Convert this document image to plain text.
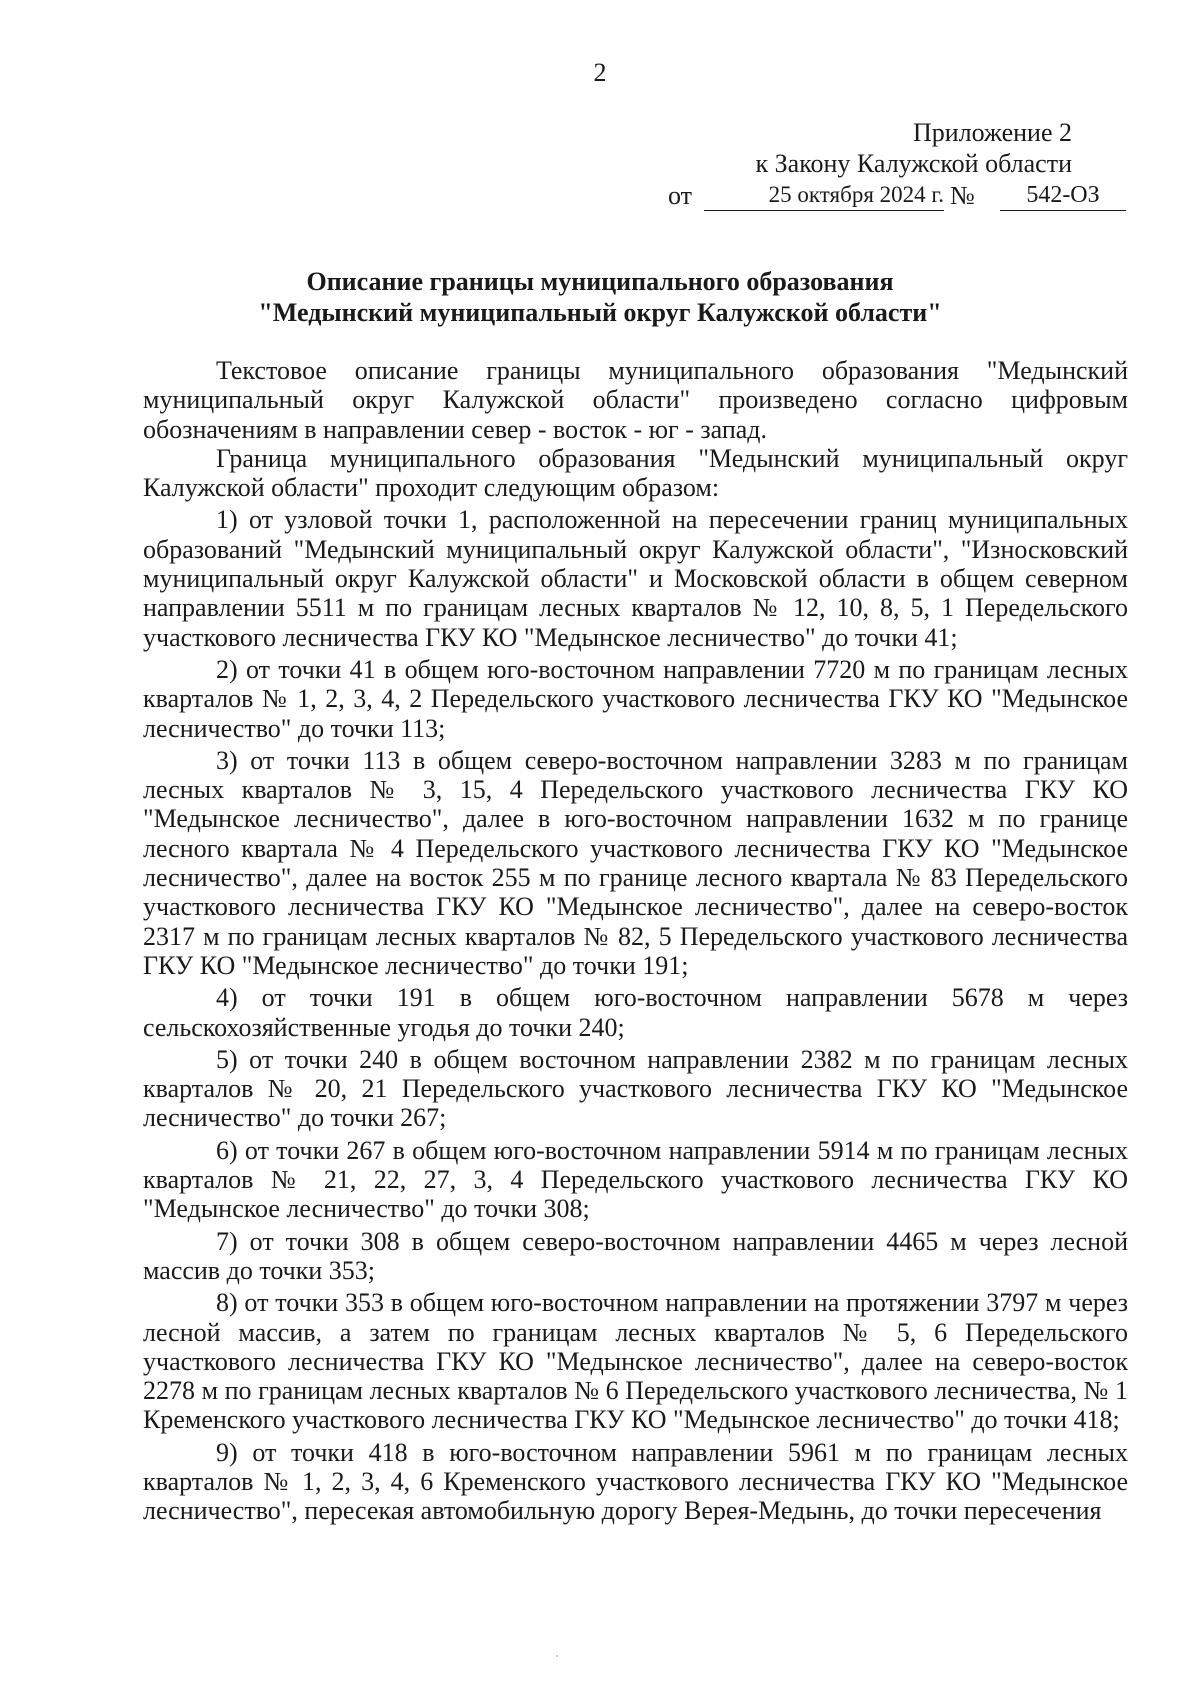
2
Приложение 2
к Закону Калужской области
от	25 октября 2024 г. №	542-ОЗ
Описание границы муниципального образования
"Медынский муниципальный округ Калужской области"

Текстовое описание границы муниципального образования "Медынский муниципальный округ Калужской области" произведено согласно цифровым обозначениям в направлении север - восток - юг - запад.

Граница муниципального образования "Медынский муниципальный округ Калужской области" проходит следующим образом:

1) от узловой точки 1, расположенной на пересечении границ муниципальных образований "Медынский муниципальный округ Калужской области", "Износковский муниципальный округ Калужской области" и Московской области в общем северном направлении 5511 м по границам лесных кварталов № 12, 10, 8, 5, 1 Передельского участкового лесничества ГКУ КО "Медынское лесничество" до точки 41;

2) от точки 41 в общем юго-восточном направлении 7720 м по границам лесных кварталов № 1, 2, 3, 4, 2 Передельского участкового лесничества ГКУ КО "Медынское лесничество" до точки 113;

3) от точки 113 в общем северо-восточном направлении 3283 м по границам лесных кварталов № 3, 15, 4 Передельского участкового лесничества ГКУ КО "Медынское лесничество", далее в юго-восточном направлении 1632 м по границе лесного квартала № 4 Передельского участкового лесничества ГКУ КО "Медынское лесничество", далее на восток 255 м по границе лесного квартала № 83 Передельского участкового лесничества ГКУ КО "Медынское лесничество", далее на северо-восток 2317 м по границам лесных кварталов № 82, 5 Передельского участкового лесничества ГКУ КО "Медынское лесничество" до точки 191;

4) от точки 191 в общем юго-восточном направлении 5678 м через сельскохозяйственные угодья до точки 240;

5) от точки 240 в общем восточном направлении 2382 м по границам лесных кварталов № 20, 21 Передельского участкового лесничества ГКУ КО "Медынское лесничество" до точки 267;

6) от точки 267 в общем юго-восточном направлении 5914 м по границам лесных кварталов № 21, 22, 27, 3, 4 Передельского участкового лесничества ГКУ КО "Медынское лесничество" до точки 308;

7) от точки 308 в общем северо-восточном направлении 4465 м через лесной массив до точки 353;

8) от точки 353 в общем юго-восточном направлении на протяжении 3797 м через лесной массив, а затем по границам лесных кварталов № 5, 6 Передельского участкового лесничества ГКУ КО "Медынское лесничество", далее на северо-восток 2278 м по границам лесных кварталов № 6 Передельского участкового лесничества, № 1 Кременского участкового лесничества ГКУ КО "Медынское лесничество" до точки 418;

9) от точки 418 в юго-восточном направлении 5961 м по границам лесных кварталов № 1, 2, 3, 4, 6 Кременского участкового лесничества ГКУ КО "Медынское лесничество", пересекая автомобильную дорогу Верея-Медынь, до точки пересечения
